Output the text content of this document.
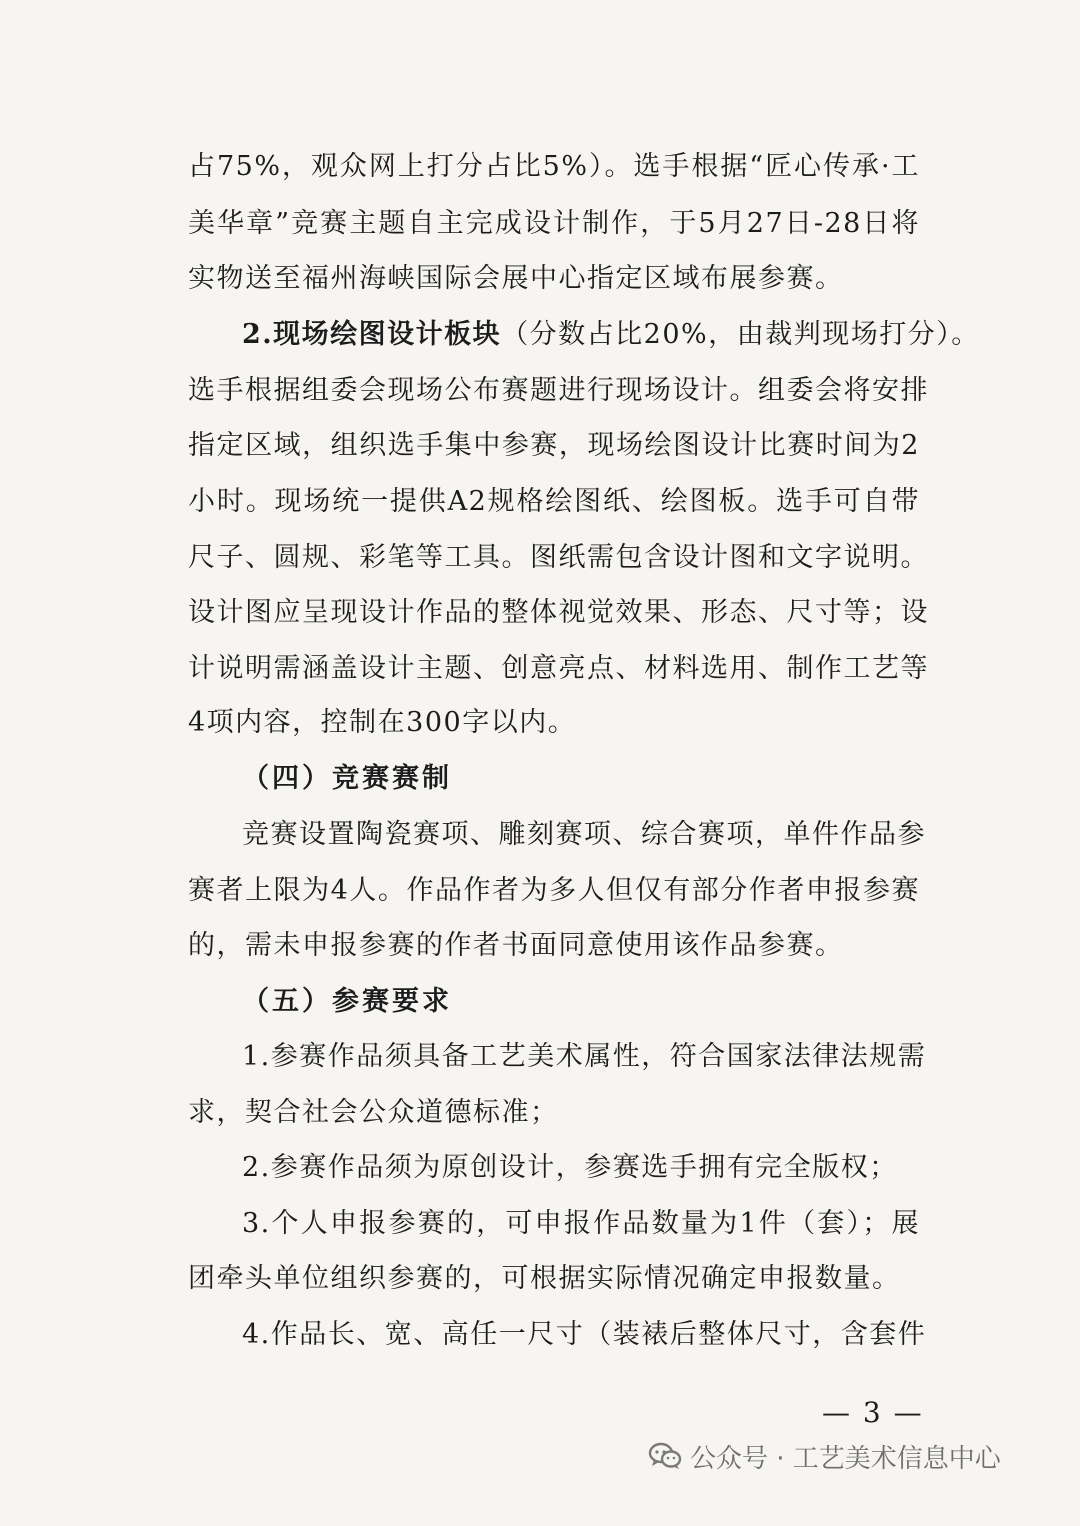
占75%，观众网上打分占比5%）。选手根据“匠心传承·工
美华章”竞赛主题自主完成设计制作，于5月27日-28日将
实物送至福州海峡国际会展中心指定区域布展参赛。
2.现场绘图设计板块（分数占比20%，由裁判现场打分）。
选手根据组委会现场公布赛题进行现场设计。组委会将安排
指定区域，组织选手集中参赛，现场绘图设计比赛时间为2
小时。现场统一提供A2规格绘图纸、绘图板。选手可自带
尺子、圆规、彩笔等工具。图纸需包含设计图和文字说明。
设计图应呈现设计作品的整体视觉效果、形态、尺寸等；设
计说明需涵盖设计主题、创意亮点、材料选用、制作工艺等
4项内容，控制在300字以内。
（四）竞赛赛制
竞赛设置陶瓷赛项、雕刻赛项、综合赛项，单件作品参
赛者上限为4人。作品作者为多人但仅有部分作者申报参赛
的，需未申报参赛的作者书面同意使用该作品参赛。
（五）参赛要求
1.参赛作品须具备工艺美术属性，符合国家法律法规需
求，契合社会公众道德标准；
2.参赛作品须为原创设计，参赛选手拥有完全版权；
3.个人申报参赛的，可申报作品数量为1件（套）；展
团牵头单位组织参赛的，可根据实际情况确定申报数量。
4.作品长、宽、高任一尺寸（装裱后整体尺寸，含套件
— 3 —
公众号 · 工艺美术信息中心
